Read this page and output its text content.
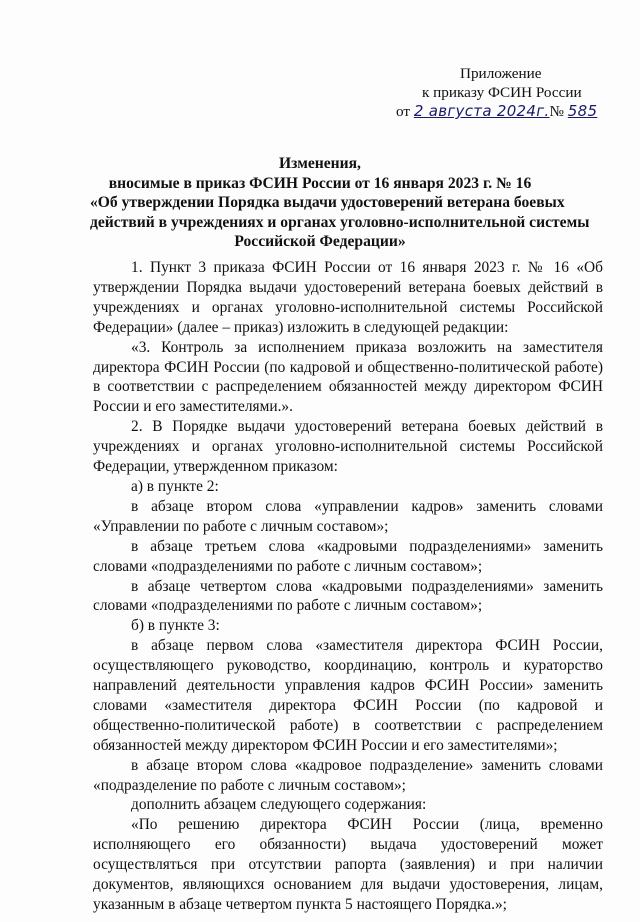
Приложение
к приказу ФСИН России
от 2 августа 2024г.№ 585
Изменения,
вносимые в приказ ФСИН России от 16 января 2023 г. № 16
«Об утверждении Порядка выдачи удостоверений ветерана боевых
действий в учреждениях и органах уголовно-исполнительной системы
Российской Федерации»

1. Пункт 3 приказа ФСИН России от 16 января 2023 г. № 16 «Об утверждении Порядка выдачи удостоверений ветерана боевых действий в учреждениях и органах уголовно-исполнительной системы Российской Федерации» (далее – приказ) изложить в следующей редакции:

«3. Контроль за исполнением приказа возложить на заместителя директора ФСИН России (по кадровой и общественно-политической работе) в соответствии с распределением обязанностей между директором ФСИН России и его заместителями.».

2. В Порядке выдачи удостоверений ветерана боевых действий в учреждениях и органах уголовно-исполнительной системы Российской Федерации, утвержденном приказом:

а) в пункте 2:

в абзаце втором слова «управлении кадров» заменить словами «Управлении по работе с личным составом»;

в абзаце третьем слова «кадровыми подразделениями» заменить словами «подразделениями по работе с личным составом»;

в абзаце четвертом слова «кадровыми подразделениями» заменить словами «подразделениями по работе с личным составом»;

б) в пункте 3:

в абзаце первом слова «заместителя директора ФСИН России, осуществляющего руководство, координацию, контроль и кураторство направлений деятельности управления кадров ФСИН России» заменить словами «заместителя директора ФСИН России (по кадровой и общественно-политической работе) в соответствии с распределением обязанностей между директором ФСИН России и его заместителями»;

в абзаце втором слова «кадровое подразделение» заменить словами «подразделение по работе с личным составом»;

дополнить абзацем следующего содержания:

«По решению директора ФСИН России (лица, временно исполняющего его обязанности) выдача удостоверений может осуществляться при отсутствии рапорта (заявления) и при наличии документов, являющихся основанием для выдачи удостоверения, лицам, указанным в абзаце четвертом пункта 5 настоящего Порядка.»;
